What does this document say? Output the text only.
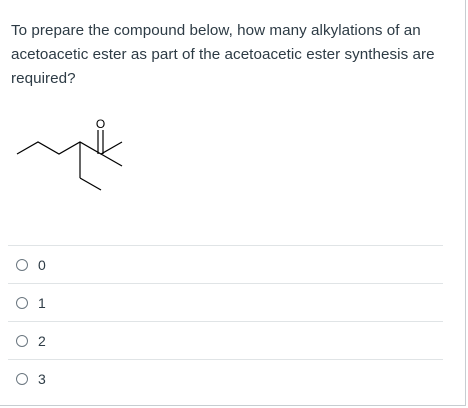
To prepare the compound below, how many alkylations of an acetoacetic ester as part of the acetoacetic ester synthesis are required?
O
0
1
2
3
